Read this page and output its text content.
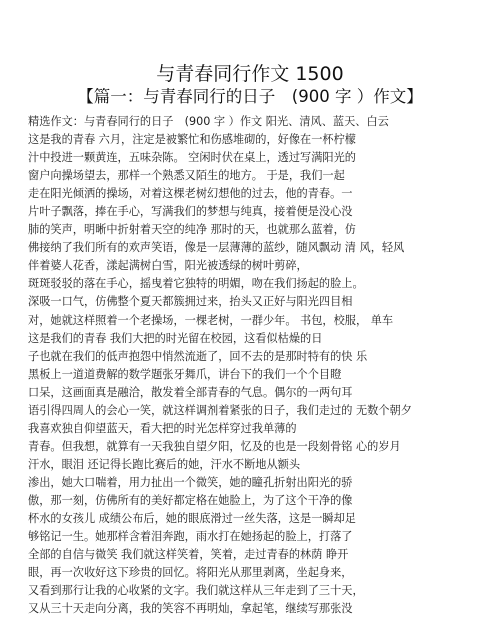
与青春同行作文 1500
【篇一：与青春同行的日子　(900 字 ）作文】
精选作文：与青春同行的日子　(900 字 ）作文 阳光、清风、蓝天、白云
这是我的青春 六月，注定是被繁忙和伤感堆砌的，好像在一杯柠檬
汁中投进一颗黄连，五味杂陈。 空闲时伏在桌上，透过写满阳光的
窗户向操场望去，那样一个熟悉又陌生的地方。 于是，我们一起
走在阳光倾洒的操场，对着这棵老树幻想他的过去，他的青春。一
片叶子飘落，捧在手心，写满我们的梦想与纯真，接着便是没心没
肺的笑声，明晰中折射着天空的纯净 那时的天，也就那么蓝着，仿
佛接纳了我们所有的欢声笑语，像是一层薄薄的蓝纱，随风飘动 清 风，轻风
伴着婆人花香，漾起满树白雪，阳光被透绿的树叶剪碎，
斑斑驳驳的落在手心，摇曳着它独特的明媚，吻在我们扬起的脸上。
深吸一口气，仿佛整个夏天都簇拥过来，抬头又正好与阳光四目相
对，她就这样照着一个老操场，一棵老树，一群少年。 书包，校服， 单车
这是我们的青春 我们大把的时光留在校园，这看似枯燥的日
子也就在我们的低声抱怨中悄然流逝了，回不去的是那时特有的快 乐
黑板上一道道费解的数学题张牙舞爪，讲台下的我们一个个目瞪
口呆，这画面真是融洽，散发着全部青春的气息。偶尔的一两句耳
语引得四周人的会心一笑，就这样调剂着紧张的日子，我们走过的 无数个朝夕
我喜欢独自仰望蓝天，看大把的时光怎样穿过我单薄的
青春。但我想，就算有一天我独自望夕阳，忆及的也是一段刻骨铭 心的岁月
汗水，眼泪 还记得长跑比赛后的她，汗水不断地从额头
渗出，她大口喘着，用力扯出一个微笑，她的瞳孔折射出阳光的骄
傲，那一刻，仿佛所有的美好都定格在她脸上，为了这个干净的像
杯水的女孩儿 成绩公布后，她的眼底滑过一丝失落，这是一瞬却足
够铭记一生。她那样含着泪奔跑，雨水打在她扬起的脸上，打落了
全部的自信与微笑 我们就这样笑着，笑着，走过青春的林荫 睁开
眼，再一次收好这下珍贵的回忆。将阳光从那里剥离，坐起身来，
又看到那行让我的心收紧的文字。我们就这样从三年走到了三十天，
又从三十天走向分离，我的笑容不再明灿，拿起笔，继续写那张没
